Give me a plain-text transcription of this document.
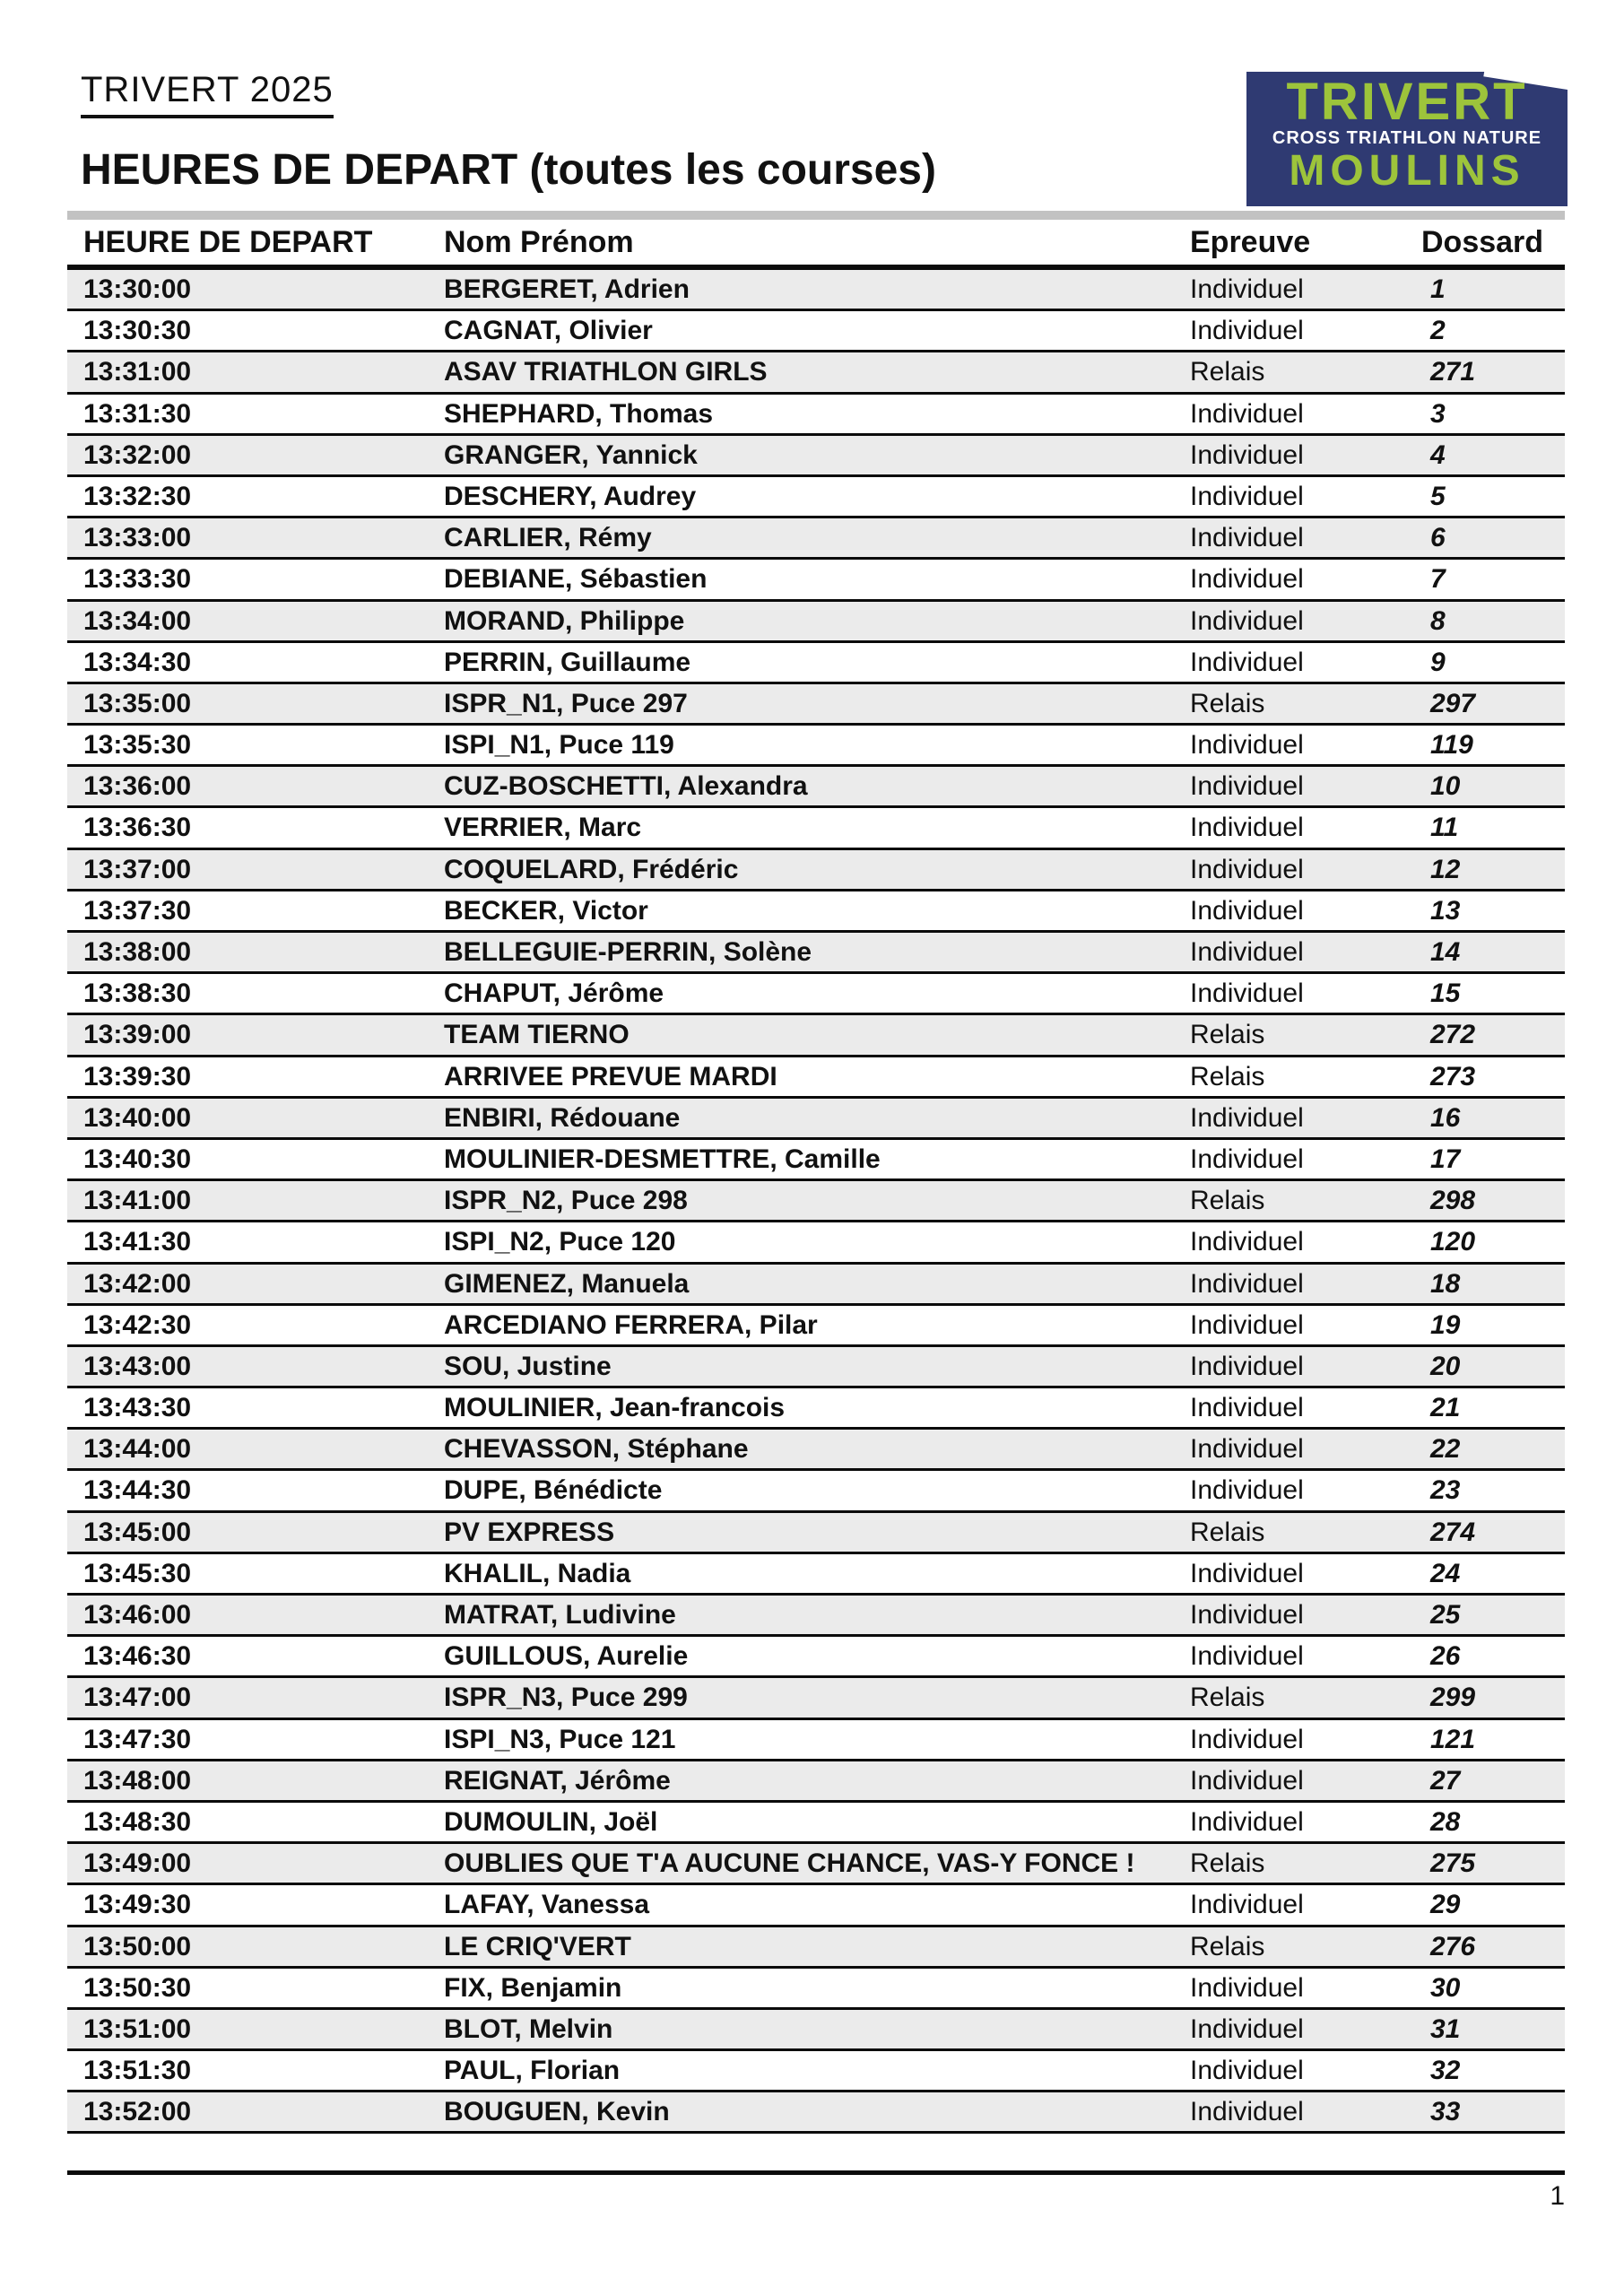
TRIVERT 2025
HEURES DE DEPART (toutes les courses)
TRIVERT
CROSS TRIATHLON NATURE
MOULINS
HEURE DE DEPART	Nom Prénom	Epreuve	Dossard
13:30:00	BERGERET, Adrien	Individuel	1
13:30:30	CAGNAT, Olivier	Individuel	2
13:31:00	ASAV TRIATHLON GIRLS	Relais	271
13:31:30	SHEPHARD, Thomas	Individuel	3
13:32:00	GRANGER, Yannick	Individuel	4
13:32:30	DESCHERY, Audrey	Individuel	5
13:33:00	CARLIER, Rémy	Individuel	6
13:33:30	DEBIANE, Sébastien	Individuel	7
13:34:00	MORAND, Philippe	Individuel	8
13:34:30	PERRIN, Guillaume	Individuel	9
13:35:00	ISPR_N1, Puce 297	Relais	297
13:35:30	ISPI_N1, Puce 119	Individuel	119
13:36:00	CUZ-BOSCHETTI, Alexandra	Individuel	10
13:36:30	VERRIER, Marc	Individuel	11
13:37:00	COQUELARD, Frédéric	Individuel	12
13:37:30	BECKER, Victor	Individuel	13
13:38:00	BELLEGUIE-PERRIN, Solène	Individuel	14
13:38:30	CHAPUT, Jérôme	Individuel	15
13:39:00	TEAM TIERNO	Relais	272
13:39:30	ARRIVEE PREVUE MARDI	Relais	273
13:40:00	ENBIRI, Rédouane	Individuel	16
13:40:30	MOULINIER-DESMETTRE, Camille	Individuel	17
13:41:00	ISPR_N2, Puce 298	Relais	298
13:41:30	ISPI_N2, Puce 120	Individuel	120
13:42:00	GIMENEZ, Manuela	Individuel	18
13:42:30	ARCEDIANO FERRERA, Pilar	Individuel	19
13:43:00	SOU, Justine	Individuel	20
13:43:30	MOULINIER, Jean-francois	Individuel	21
13:44:00	CHEVASSON, Stéphane	Individuel	22
13:44:30	DUPE, Bénédicte	Individuel	23
13:45:00	PV EXPRESS	Relais	274
13:45:30	KHALIL, Nadia	Individuel	24
13:46:00	MATRAT, Ludivine	Individuel	25
13:46:30	GUILLOUS, Aurelie	Individuel	26
13:47:00	ISPR_N3, Puce 299	Relais	299
13:47:30	ISPI_N3, Puce 121	Individuel	121
13:48:00	REIGNAT, Jérôme	Individuel	27
13:48:30	DUMOULIN, Joël	Individuel	28
13:49:00	OUBLIES QUE T'A AUCUNE CHANCE, VAS-Y FONCE !	Relais	275
13:49:30	LAFAY, Vanessa	Individuel	29
13:50:00	LE CRIQ'VERT	Relais	276
13:50:30	FIX, Benjamin	Individuel	30
13:51:00	BLOT, Melvin	Individuel	31
13:51:30	PAUL, Florian	Individuel	32
13:52:00	BOUGUEN, Kevin	Individuel	33
1
